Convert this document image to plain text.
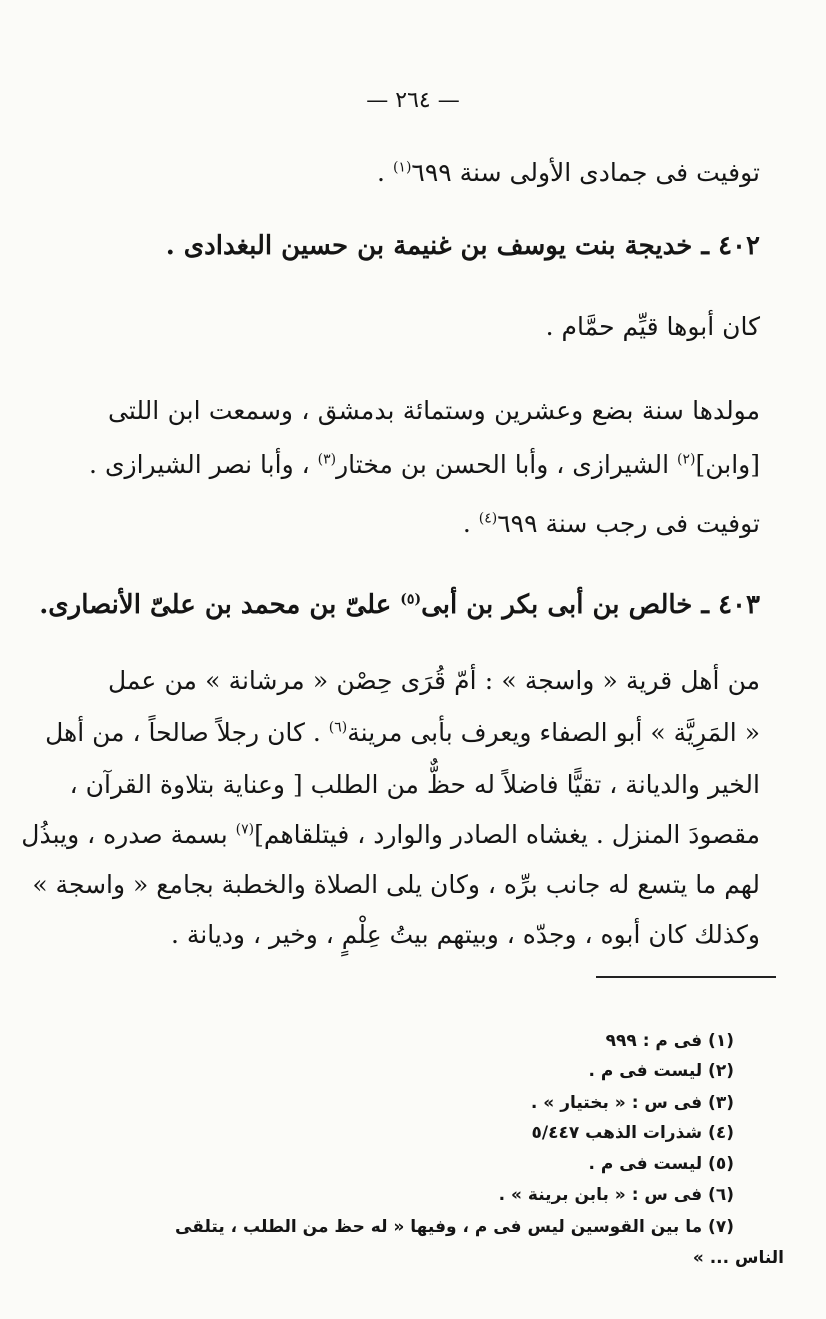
— ٢٦٤ —
توفيت فى جمادى الأولى سنة ٦٩٩$^{(١)}$ .
٤٠٢ ـ خديجة بنت يوسف بن غنيمة بن حسين البغدادى .
كان أبوها قيِّم حمَّام .
مولدها سنة بضع وعشرين وستمائة بدمشق ، وسمعت ابن اللتى
[وابن]$^{(٢)}$ الشيرازى ، وأبا الحسن بن مختار$^{(٣)}$ ، وأبا نصر الشيرازى .
توفيت فى رجب سنة ٦٩٩$^{(٤)}$ .
٤٠٣ ـ خالص بن أبى بكر بن أبى$^{(٥)}$ علىّ بن محمد بن علىّ الأنصارى.
من أهل قرية « واسجة » : أمّ قُرَى حِصْن « مرشانة » من عمل
« المَرِيَّة » أبو الصفاء ويعرف بأبى مرينة$^{(٦)}$ . كان رجلاً صالحاً ، من أهل
الخير والديانة ، تقيًّا فاضلاً له حظٌّ من الطلب [ وعناية بتلاوة القرآن ،
مقصودَ المنزل . يغشاه الصادر والوارد ، فيتلقاهم]$^{(٧)}$ بسمة صدره ، ويبذُل
لهم ما يتسع له جانب برِّه ، وكان يلى الصلاة والخطبة بجامع « واسجة »
وكذلك كان أبوه ، وجدّه ، وبيتهم بيتُ عِلْمٍ ، وخير ، وديانة .
(١) فى م : ٩٩٩
(٢) ليست فى م .
(٣) فى س : « بختيار » .
(٤) شذرات الذهب ٥/٤٤٧
(٥) ليست فى م .
(٦) فى س : « بابن برينة » .
(٧) ما بين القوسين ليس فى م ، وفيها « له حظ من الطلب ، يتلقى
الناس ... »
